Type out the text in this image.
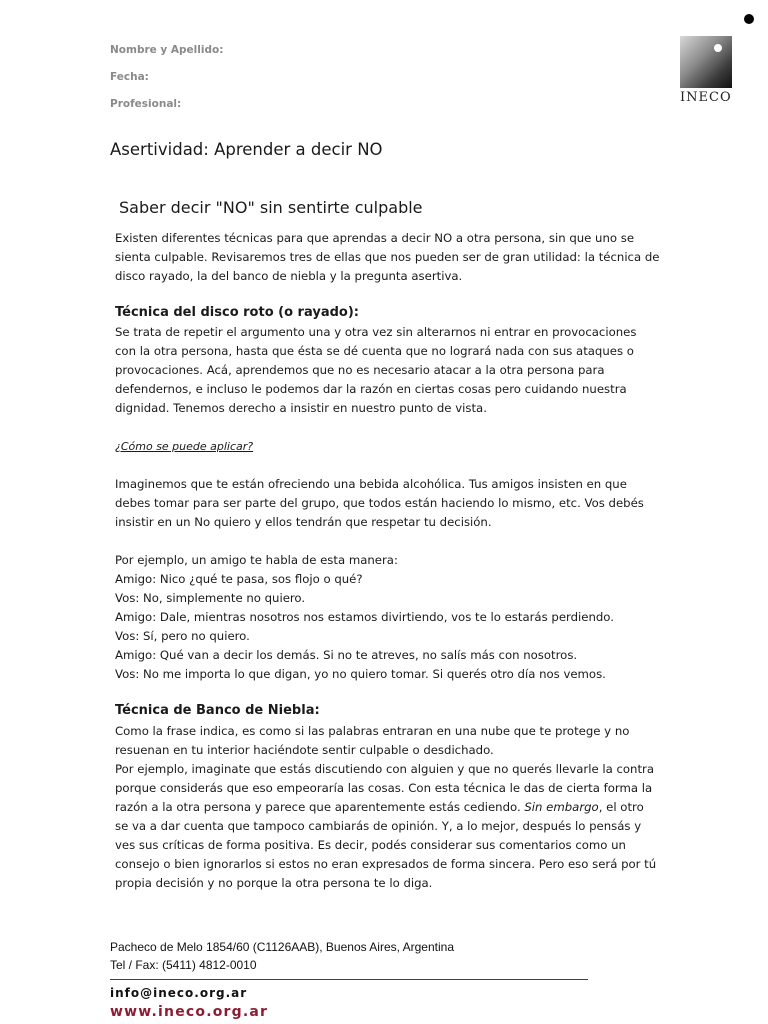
Nombre y Apellido:
Fecha:
Profesional:	INECO
Asertividad: Aprender a decir NO
Saber decir "NO" sin sentirte culpable
Existen diferentes técnicas para que aprendas a decir NO a otra persona, sin que uno se sienta culpable. Revisaremos tres de ellas que nos pueden ser de gran utilidad: la técnica de disco rayado, la del banco de niebla y la pregunta asertiva.
Técnica del disco roto (o rayado):
Se trata de repetir el argumento una y otra vez sin alterarnos ni entrar en provocaciones con la otra persona, hasta que ésta se dé cuenta que no logrará nada con sus ataques o provocaciones. Acá, aprendemos que no es necesario atacar a la otra persona para defendernos, e incluso le podemos dar la razón en ciertas cosas pero cuidando nuestra dignidad. Tenemos derecho a insistir en nuestro punto de vista.
¿Cómo se puede aplicar?
Imaginemos que te están ofreciendo una bebida alcohólica. Tus amigos insisten en que debes tomar para ser parte del grupo, que todos están haciendo lo mismo, etc. Vos debés insistir en un No quiero y ellos tendrán que respetar tu decisión.
Por ejemplo, un amigo te habla de esta manera:
Amigo: Nico ¿qué te pasa, sos flojo o qué?
Vos: No, simplemente no quiero.
Amigo: Dale, mientras nosotros nos estamos divirtiendo, vos te lo estarás perdiendo.
Vos: Sí, pero no quiero.
Amigo: Qué van a decir los demás. Si no te atreves, no salís más con nosotros.
Vos: No me importa lo que digan, yo no quiero tomar. Si querés otro día nos vemos.
Técnica de Banco de Niebla:
Como la frase indica, es como si las palabras entraran en una nube que te protege y no resuenan en tu interior haciéndote sentir culpable o desdichado.
Por ejemplo, imaginate que estás discutiendo con alguien y que no querés llevarle la contra porque considerás que eso empeoraría las cosas. Con esta técnica le das de cierta forma la razón a la otra persona y parece que aparentemente estás cediendo. Sin embargo, el otro se va a dar cuenta que tampoco cambiarás de opinión. Y, a lo mejor, después lo pensás y ves sus críticas de forma positiva. Es decir, podés considerar sus comentarios como un consejo o bien ignorarlos si estos no eran expresados de forma sincera. Pero eso será por tú propia decisión y no porque la otra persona te lo diga.
Pacheco de Melo 1854/60 (C1126AAB), Buenos Aires, Argentina
Tel / Fax: (5411) 4812-0010
info@ineco.org.ar
www.ineco.org.ar
